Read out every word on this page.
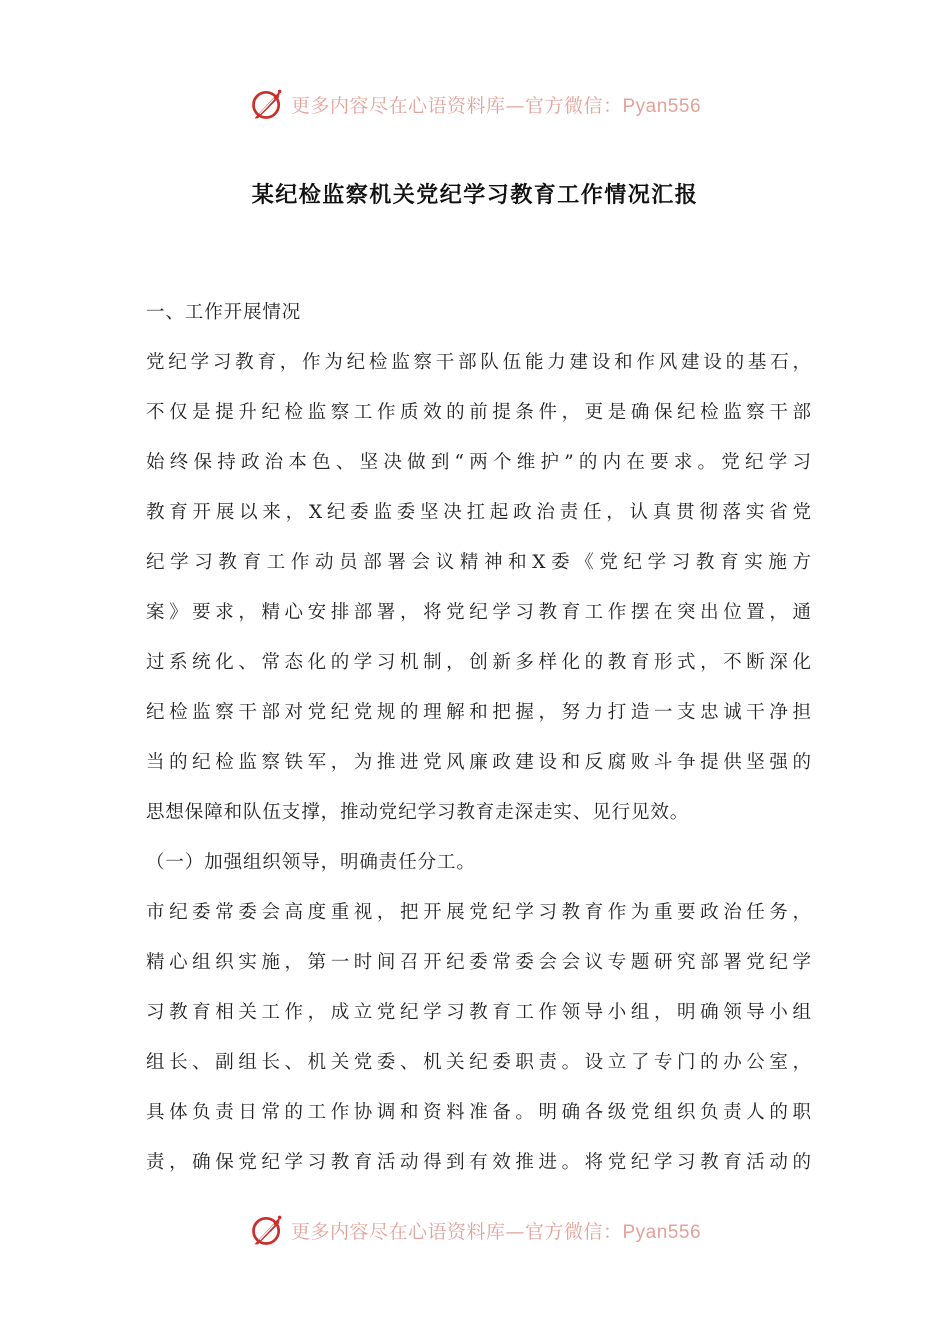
更多内容尽在心语资料库—官方微信：Pyan556
某纪检监察机关党纪学习教育工作情况汇报

一、工作开展情况

党纪学习教育，作为纪检监察干部队伍能力建设和作风建设的基石，

不仅是提升纪检监察工作质效的前提条件，更是确保纪检监察干部

始终保持政治本色、坚决做到“两个维护”的内在要求。党纪学习

教育开展以来，X纪委监委坚决扛起政治责任，认真贯彻落实省党

纪学习教育工作动员部署会议精神和X委《党纪学习教育实施方

案》要求，精心安排部署，将党纪学习教育工作摆在突出位置，通

过系统化、常态化的学习机制，创新多样化的教育形式，不断深化

纪检监察干部对党纪党规的理解和把握，努力打造一支忠诚干净担

当的纪检监察铁军，为推进党风廉政建设和反腐败斗争提供坚强的

思想保障和队伍支撑，推动党纪学习教育走深走实、见行见效。

（一）加强组织领导，明确责任分工。

市纪委常委会高度重视，把开展党纪学习教育作为重要政治任务，

精心组织实施，第一时间召开纪委常委会会议专题研究部署党纪学

习教育相关工作，成立党纪学习教育工作领导小组，明确领导小组

组长、副组长、机关党委、机关纪委职责。设立了专门的办公室，

具体负责日常的工作协调和资料准备。明确各级党组织负责人的职

责，确保党纪学习教育活动得到有效推进。将党纪学习教育活动的

更多内容尽在心语资料库—官方微信：Pyan556
